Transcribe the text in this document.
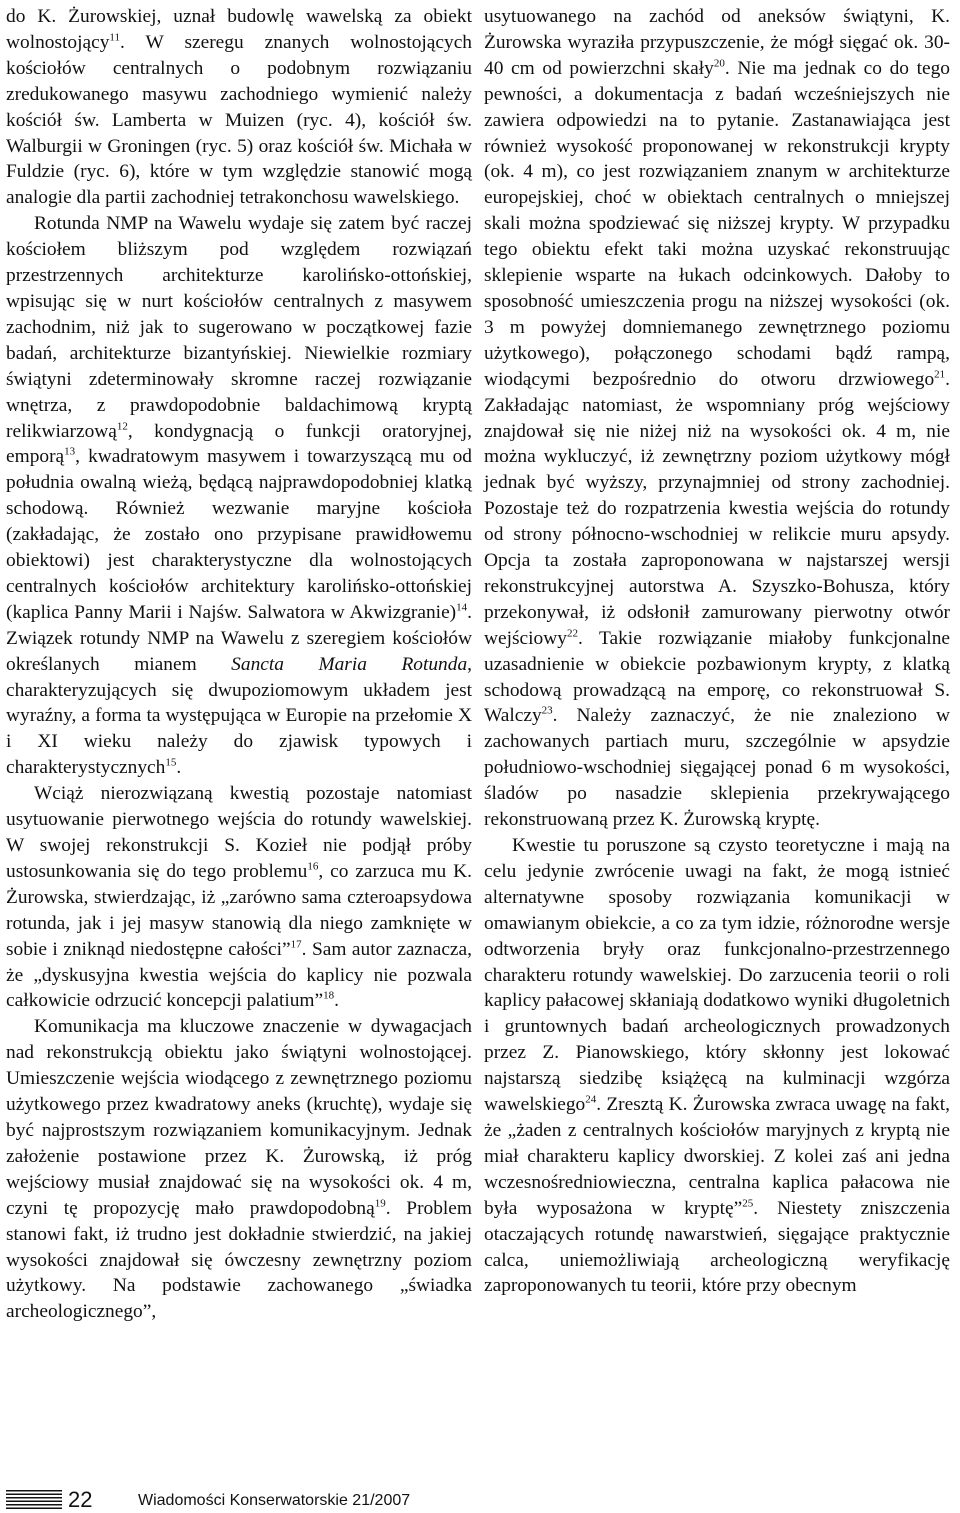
do K. Żurowskiej, uznał budowlę wawelską za obiekt wolnostojący$^{11}$. W szeregu znanych wolnostojących kościołów centralnych o podobnym rozwiązaniu zredukowanego masywu zachodniego wymienić należy kościół św. Lamberta w Muizen (ryc. 4), kościół św. Walburgii w Groningen (ryc. 5) oraz kościół św. Michała w Fuldzie (ryc. 6), które w tym względzie stanowić mogą analogie dla partii zachodniej tetrakonchosu wawelskiego.

Rotunda NMP na Wawelu wydaje się zatem być raczej kościołem bliższym pod względem rozwiązań przestrzennych architekturze karolińsko-ottońskiej, wpisując się w nurt kościołów centralnych z masywem zachodnim, niż jak to sugerowano w początkowej fazie badań, architekturze bizantyńskiej. Niewielkie rozmiary świątyni zdeterminowały skromne raczej rozwiązanie wnętrza, z prawdopodobnie baldachimową kryptą relikwiarzową$^{12}$, kondygnacją o funkcji oratoryjnej, emporą$^{13}$, kwadratowym masywem i towarzyszącą mu od południa owalną wieżą, będącą najprawdopodobniej klatką schodową. Również wezwanie maryjne kościoła (zakładając, że zostało ono przypisane prawidłowemu obiektowi) jest charakterystyczne dla wolnostojących centralnych kościołów architektury karolińsko-ottońskiej (kaplica Panny Marii i Najśw. Salwatora w Akwizgranie)$^{14}$. Związek rotundy NMP na Wawelu z szeregiem kościołów określanych mianem Sancta Maria Rotunda, charakteryzujących się dwupoziomowym układem jest wyraźny, a forma ta występująca w Europie na przełomie X i XI wieku należy do zjawisk typowych i charakterystycznych$^{15}$.

Wciąż nierozwiązaną kwestią pozostaje natomiast usytuowanie pierwotnego wejścia do rotundy wawelskiej. W swojej rekonstrukcji S. Kozieł nie podjął próby ustosunkowania się do tego problemu$^{16}$, co zarzuca mu K. Żurowska, stwierdzając, iż „zarówno sama czteroapsydowa rotunda, jak i jej masyw stanowią dla niego zamknięte w sobie i zniknąd niedostępne całości”$^{17}$. Sam autor zaznacza, że „dyskusyjna kwestia wejścia do kaplicy nie pozwala całkowicie odrzucić koncepcji palatium”$^{18}$.

Komunikacja ma kluczowe znaczenie w dywagacjach nad rekonstrukcją obiektu jako świątyni wolnostojącej. Umieszczenie wejścia wiodącego z zewnętrznego poziomu użytkowego przez kwadratowy aneks (kruchtę), wydaje się być najprostszym rozwiązaniem komunikacyjnym. Jednak założenie postawione przez K. Żurowską, iż próg wejściowy musiał znajdować się na wysokości ok. 4 m, czyni tę propozycję mało prawdopodobną$^{19}$. Problem stanowi fakt, iż trudno jest dokładnie stwierdzić, na jakiej wysokości znajdował się ówczesny zewnętrzny poziom użytkowy. Na podstawie zachowanego „świadka archeologicznego”,

usytuowanego na zachód od aneksów świątyni, K. Żurowska wyraziła przypuszczenie, że mógł sięgać ok. 30-40 cm od powierzchni skały$^{20}$. Nie ma jednak co do tego pewności, a dokumentacja z badań wcześniejszych nie zawiera odpowiedzi na to pytanie. Zastanawiająca jest również wysokość proponowanej w rekonstrukcji krypty (ok. 4 m), co jest rozwiązaniem znanym w architekturze europejskiej, choć w obiektach centralnych o mniejszej skali można spodziewać się niższej krypty. W przypadku tego obiektu efekt taki można uzyskać rekonstruując sklepienie wsparte na łukach odcinkowych. Dałoby to sposobność umieszczenia progu na niższej wysokości (ok. 3 m powyżej domniemanego zewnętrznego poziomu użytkowego), połączonego schodami bądź rampą, wiodącymi bezpośrednio do otworu drzwiowego$^{21}$. Zakładając natomiast, że wspomniany próg wejściowy znajdował się nie niżej niż na wysokości ok. 4 m, nie można wykluczyć, iż zewnętrzny poziom użytkowy mógł jednak być wyższy, przynajmniej od strony zachodniej. Pozostaje też do rozpatrzenia kwestia wejścia do rotundy od strony północno-wschodniej w relikcie muru apsydy. Opcja ta została zaproponowana w najstarszej wersji rekonstrukcyjnej autorstwa A. Szyszko-Bohusza, który przekonywał, iż odsłonił zamurowany pierwotny otwór wejściowy$^{22}$. Takie rozwiązanie miałoby funkcjonalne uzasadnienie w obiekcie pozbawionym krypty, z klatką schodową prowadzącą na emporę, co rekonstruował S. Walczy$^{23}$. Należy zaznaczyć, że nie znaleziono w zachowanych partiach muru, szczególnie w apsydzie południowo-wschodniej sięgającej ponad 6 m wysokości, śladów po nasadzie sklepienia przekrywającego rekonstruowaną przez K. Żurowską kryptę.

Kwestie tu poruszone są czysto teoretyczne i mają na celu jedynie zwrócenie uwagi na fakt, że mogą istnieć alternatywne sposoby rozwiązania komunikacji w omawianym obiekcie, a co za tym idzie, różnorodne wersje odtworzenia bryły oraz funkcjonalno-przestrzennego charakteru rotundy wawelskiej. Do zarzucenia teorii o roli kaplicy pałacowej skłaniają dodatkowo wyniki długoletnich i gruntownych badań archeologicznych prowadzonych przez Z. Pianowskiego, który skłonny jest lokować najstarszą siedzibę książęcą na kulminacji wzgórza wawelskiego$^{24}$. Zresztą K. Żurowska zwraca uwagę na fakt, że „żaden z centralnych kościołów maryjnych z kryptą nie miał charakteru kaplicy dworskiej. Z kolei zaś ani jedna wczesnośredniowieczna, centralna kaplica pałacowa nie była wyposażona w kryptę”$^{25}$. Niestety zniszczenia otaczających rotundę nawarstwień, sięgające praktycznie calca, uniemożliwiają archeologiczną weryfikację zaproponowanych tu teorii, które przy obecnym

22	Wiadomości Konserwatorskie 21/2007
